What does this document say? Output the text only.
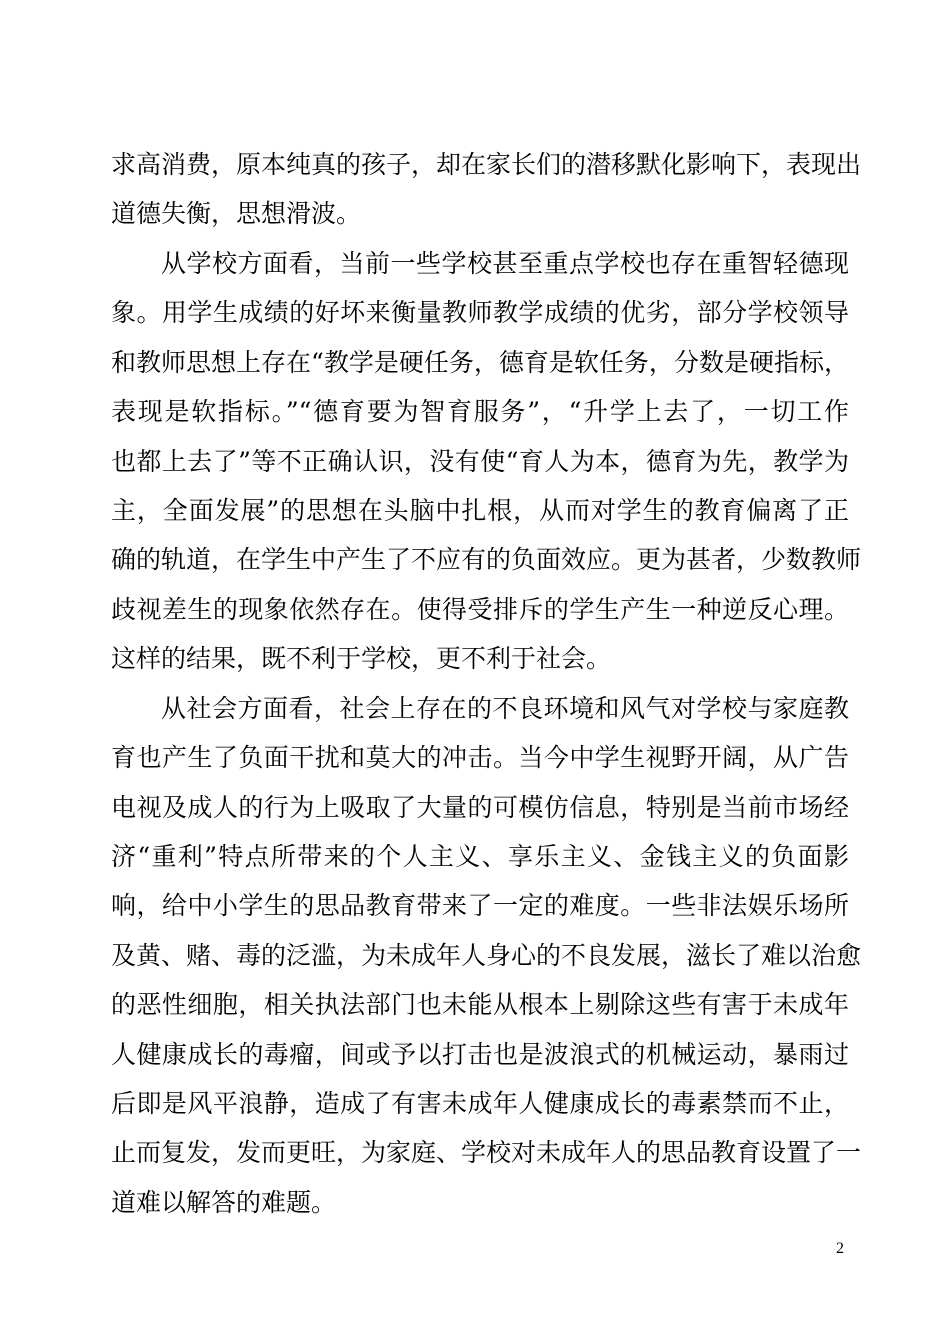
求高消费，原本纯真的孩子，却在家长们的潜移默化影响下，表现出
道德失衡，思想滑波。
从学校方面看，当前一些学校甚至重点学校也存在重智轻德现
象。用学生成绩的好坏来衡量教师教学成绩的优劣，部分学校领导
和教师思想上存在“教学是硬任务，德育是软任务，分数是硬指标，
表现是软指标。”“德育要为智育服务”，“升学上去了，一切工作
也都上去了”等不正确认识，没有使“育人为本，德育为先，教学为
主，全面发展”的思想在头脑中扎根，从而对学生的教育偏离了正
确的轨道，在学生中产生了不应有的负面效应。更为甚者，少数教师
歧视差生的现象依然存在。使得受排斥的学生产生一种逆反心理。
这样的结果，既不利于学校，更不利于社会。
从社会方面看，社会上存在的不良环境和风气对学校与家庭教
育也产生了负面干扰和莫大的冲击。当今中学生视野开阔，从广告
电视及成人的行为上吸取了大量的可模仿信息，特别是当前市场经
济“重利”特点所带来的个人主义、享乐主义、金钱主义的负面影
响，给中小学生的思品教育带来了一定的难度。一些非法娱乐场所
及黄、赌、毒的泛滥，为未成年人身心的不良发展，滋长了难以治愈
的恶性细胞，相关执法部门也未能从根本上剔除这些有害于未成年
人健康成长的毒瘤，间或予以打击也是波浪式的机械运动，暴雨过
后即是风平浪静，造成了有害未成年人健康成长的毒素禁而不止，
止而复发，发而更旺，为家庭、学校对未成年人的思品教育设置了一
道难以解答的难题。
2
